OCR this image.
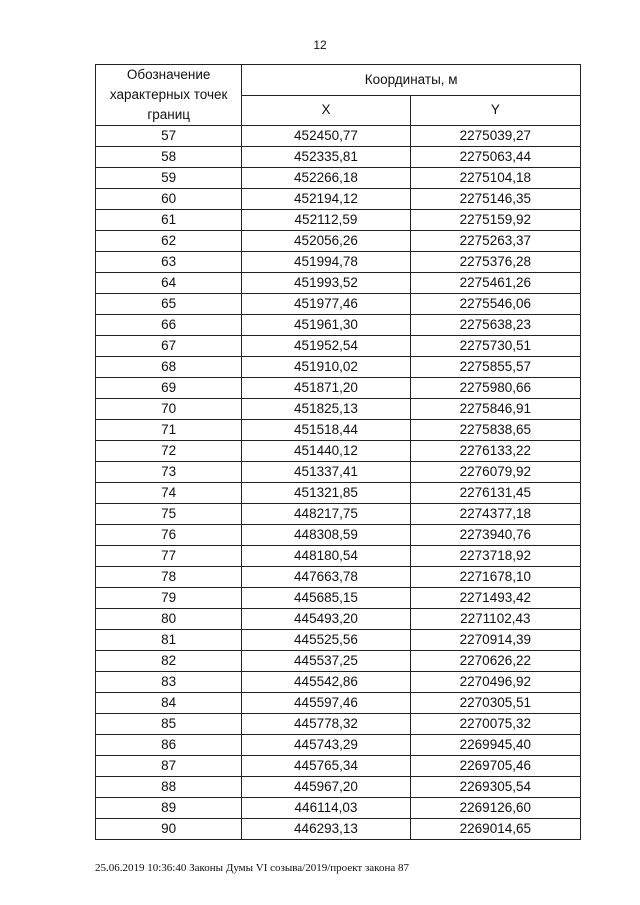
12
Обозначение характерных точек границ	Координаты, м	
	X	Y
57	452450,77	2275039,27
58	452335,81	2275063,44
59	452266,18	2275104,18
60	452194,12	2275146,35
61	452112,59	2275159,92
62	452056,26	2275263,37
63	451994,78	2275376,28
64	451993,52	2275461,26
65	451977,46	2275546,06
66	451961,30	2275638,23
67	451952,54	2275730,51
68	451910,02	2275855,57
69	451871,20	2275980,66
70	451825,13	2275846,91
71	451518,44	2275838,65
72	451440,12	2276133,22
73	451337,41	2276079,92
74	451321,85	2276131,45
75	448217,75	2274377,18
76	448308,59	2273940,76
77	448180,54	2273718,92
78	447663,78	2271678,10
79	445685,15	2271493,42
80	445493,20	2271102,43
81	445525,56	2270914,39
82	445537,25	2270626,22
83	445542,86	2270496,92
84	445597,46	2270305,51
85	445778,32	2270075,32
86	445743,29	2269945,40
87	445765,34	2269705,46
88	445967,20	2269305,54
89	446114,03	2269126,60
90	446293,13	2269014,65
25.06.2019 10:36:40 Законы Думы VI созыва/2019/проект закона 87
